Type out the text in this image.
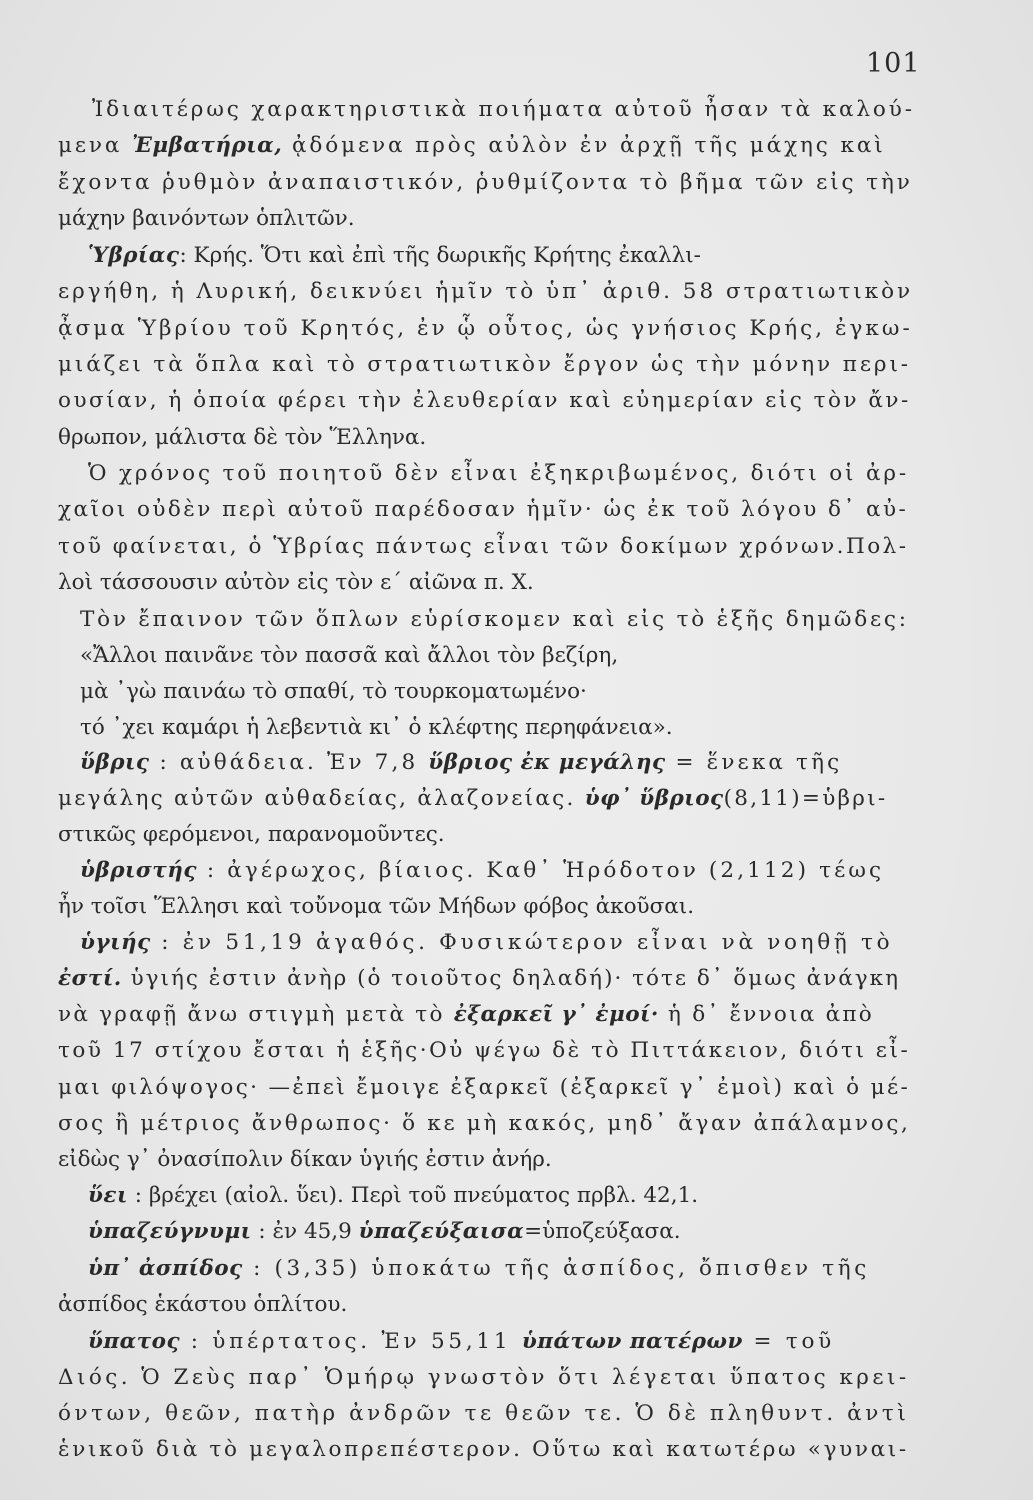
101
Ἰδιαιτέρως χαρακτηριστικὰ ποιήματα αὐτοῦ ἦσαν τὰ καλού-
μενα Ἐμβατήρια, ᾀδόμενα πρὸς αὐλὸν ἐν ἀρχῇ τῆς μάχης καὶ
ἔχοντα ῥυθμὸν ἀναπαιστικόν, ῥυθμίζοντα τὸ βῆμα τῶν εἰς τὴν
μάχην βαινόντων ὁπλιτῶν.
Ὑβρίας: Κρής. Ὅτι καὶ ἐπὶ τῆς δωρικῆς Κρήτης ἐκαλλι-
εργήθη, ἡ Λυρική, δεικνύει ἡμῖν τὸ ὑπ᾿ ἀριθ. 58 στρατιωτικὸν
ᾆσμα Ὑβρίου τοῦ Κρητός, ἐν ᾧ οὗτος, ὡς γνήσιος Κρής, ἐγκω-
μιάζει τὰ ὅπλα καὶ τὸ στρατιωτικὸν ἔργον ὡς τὴν μόνην περι-
ουσίαν, ἡ ὁποία φέρει τὴν ἐλευθερίαν καὶ εὐημερίαν εἰς τὸν ἄν-
θρωπον, μάλιστα δὲ τὸν Ἕλληνα.
Ὁ χρόνος τοῦ ποιητοῦ δὲν εἶναι ἐξηκριβωμένος, διότι οἱ ἀρ-
χαῖοι οὐδὲν περὶ αὐτοῦ παρέδοσαν ἡμῖν· ὡς ἐκ τοῦ λόγου δ᾿ αὐ-
τοῦ φαίνεται, ὁ Ὑβρίας πάντως εἶναι τῶν δοκίμων χρόνων.Πολ-
λοὶ τάσσουσιν αὐτὸν εἰς τὸν ε΄ αἰῶνα π. Χ.
Τὸν ἔπαινον τῶν ὅπλων εὑρίσκομεν καὶ εἰς τὸ ἑξῆς δημῶδες:
«Ἄλλοι παινᾶνε τὸν πασσᾶ καὶ ἄλλοι τὸν βεζίρη,
μὰ ᾿γὼ παινάω τὸ σπαθί, τὸ τουρκοματωμένο·
τό ᾿χει καμάρι ἡ λεβεντιὰ κι᾿ ὁ κλέφτης περηφάνεια».
ὕβρις : αὐθάδεια. Ἐν 7,8 ὕβριος ἐκ μεγάλης = ἕνεκα τῆς
μεγάλης αὐτῶν αὐθαδείας, ἀλαζονείας. ὑφ᾿ ὕβριος(8,11)=ὑβρι-
στικῶς φερόμενοι, παρανομοῦντες.
ὑβριστής : ἀγέρωχος, βίαιος. Καθ᾿ Ἡρόδοτον (2,112) τέως
ἦν τοῖσι Ἕλλησι καὶ τοὔνομα τῶν Μήδων φόβος ἀκοῦσαι.
ὑγιής : ἐν 51,19 ἀγαθός. Φυσικώτερον εἶναι νὰ νοηθῇ τὸ
ἐστί. ὑγιής ἐστιν ἀνὴρ (ὁ τοιοῦτος δηλαδή)· τότε δ᾿ ὅμως ἀνάγκη
νὰ γραφῇ ἄνω στιγμὴ μετὰ τὸ ἐξαρκεῖ γ᾿ ἐμοί· ἡ δ᾿ ἔννοια ἀπὸ
τοῦ 17 στίχου ἔσται ἡ ἑξῆς·Οὐ ψέγω δὲ τὸ Πιττάκειον, διότι εἶ-
μαι φιλόψογος· —ἐπεὶ ἔμοιγε ἐξαρκεῖ (ἐξαρκεῖ γ᾿ ἐμοὶ) καὶ ὁ μέ-
σος ἢ μέτριος ἄνθρωπος· ὅ κε μὴ κακός, μηδ᾿ ἄγαν ἀπάλαμνος,
εἰδὼς γ᾿ ὀνασίπολιν δίκαν ὑγιής ἐστιν ἀνήρ.
ὕει : βρέχει (αἰολ. ὕει). Περὶ τοῦ πνεύματος πρβλ. 42,1.
ὑπαζεύγνυμι : ἐν 45,9 ὑπαζεύξαισα=ὑποζεύξασα.
ὑπ᾿ ἀσπίδος : (3,35) ὑποκάτω τῆς ἀσπίδος, ὄπισθεν τῆς
ἀσπίδος ἑκάστου ὁπλίτου.
ὕπατος : ὑπέρτατος. Ἐν 55,11 ὑπάτων πατέρων = τοῦ
Διός. Ὁ Ζεὺς παρ᾿ Ὁμήρῳ γνωστὸν ὅτι λέγεται ὕπατος κρει-
όντων, θεῶν, πατὴρ ἀνδρῶν τε θεῶν τε. Ὁ δὲ πληθυντ. ἀντὶ
ἑνικοῦ διὰ τὸ μεγαλοπρεπέστερον. Οὕτω καὶ κατωτέρω «γυναι-
